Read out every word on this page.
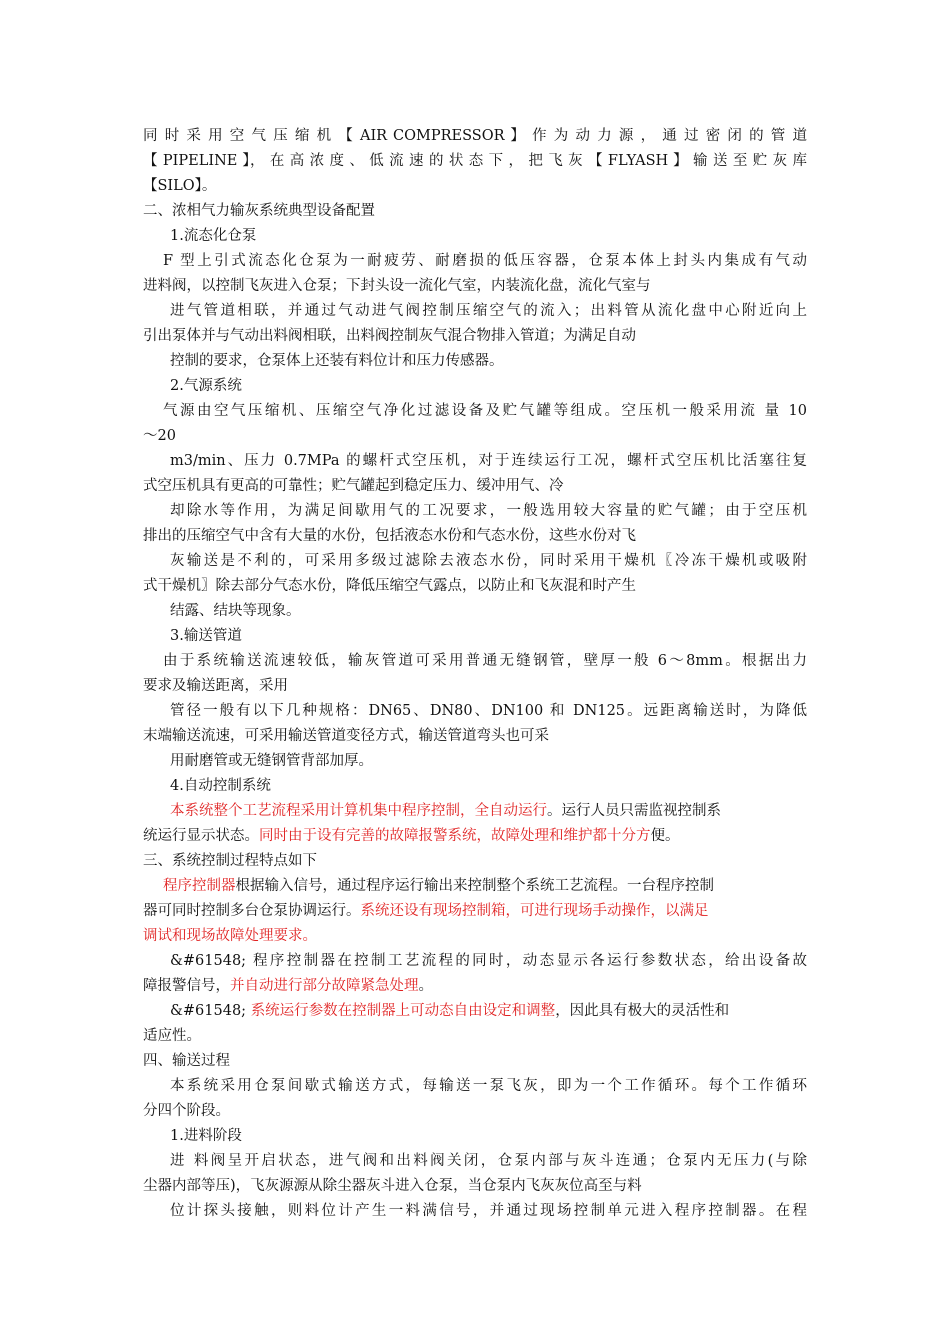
同 时 采 用 空 气 压 缩 机 【 AIR COMPRESSOR 】 作 为 动 力 源 ， 通 过 密 闭 的 管 道
【 PIPELINE 】， 在 高 浓 度 、 低 流 速 的 状 态 下 ， 把 飞 灰 【 FLYASH 】 输 送 至 贮 灰 库
【SILO】。
二、浓相气力输灰系统典型设备配置
1.流态化仓泵
F 型上引式流态化仓泵为一耐疲劳、耐磨损的低压容器，仓泵本体上封头内集成有气动
进料阀，以控制飞灰进入仓泵；下封头设一流化气室，内装流化盘，流化气室与
进气管道相联，并通过气动进气阀控制压缩空气的流入；出料管从流化盘中心附近向上
引出泵体并与气动出料阀相联，出料阀控制灰气混合物排入管道；为满足自动
控制的要求，仓泵体上还装有料位计和压力传感器。
2.气源系统
气源由空气压缩机、压缩空气净化过滤设备及贮气罐等组成。空压机一般采用流 量 10
～20
m3/min、压力 0.7MPa 的螺杆式空压机，对于连续运行工况，螺杆式空压机比活塞往复
式空压机具有更高的可靠性；贮气罐起到稳定压力、缓冲用气、冷
却除水等作用，为满足间歇用气的工况要求，一般选用较大容量的贮气罐；由于空压机
排出的压缩空气中含有大量的水份，包括液态水份和气态水份，这些水份对飞
灰输送是不利的，可采用多级过滤除去液态水份，同时采用干燥机〖冷冻干燥机或吸附
式干燥机〗除去部分气态水份，降低压缩空气露点，以防止和飞灰混和时产生
结露、结块等现象。
3.输送管道
由于系统输送流速较低，输灰管道可采用普通无缝钢管，壁厚一般 6～8mm。根据出力
要求及输送距离，采用
管径一般有以下几种规格：DN65、DN80、DN100 和 DN125。远距离输送时，为降低
末端输送流速，可采用输送管道变径方式，输送管道弯头也可采
用耐磨管或无缝钢管背部加厚。
4.自动控制系统
本系统整个工艺流程采用计算机集中程序控制，全自动运行。运行人员只需监视控制系
统运行显示状态。同时由于设有完善的故障报警系统，故障处理和维护都十分方便。
三、系统控制过程特点如下
程序控制器根据输入信号，通过程序运行输出来控制整个系统工艺流程。一台程序控制
器可同时控制多台仓泵协调运行。系统还设有现场控制箱，可进行现场手动操作，以满足
调试和现场故障处理要求。
&#61548; 程序控制器在控制工艺流程的同时，动态显示各运行参数状态，给出设备故
障报警信号，并自动进行部分故障紧急处理。
&#61548; 系统运行参数在控制器上可动态自由设定和调整，因此具有极大的灵活性和
适应性。
四、输送过程
本系统采用仓泵间歇式输送方式，每输送一泵飞灰，即为一个工作循环。每个工作循环
分四个阶段。
1.进料阶段
进 料阀呈开启状态，进气阀和出料阀关闭，仓泵内部与灰斗连通；仓泵内无压力(与除
尘器内部等压)，飞灰源源从除尘器灰斗进入仓泵，当仓泵内飞灰灰位高至与料
位计探头接触，则料位计产生一料满信号，并通过现场控制单元进入程序控制器。在程
